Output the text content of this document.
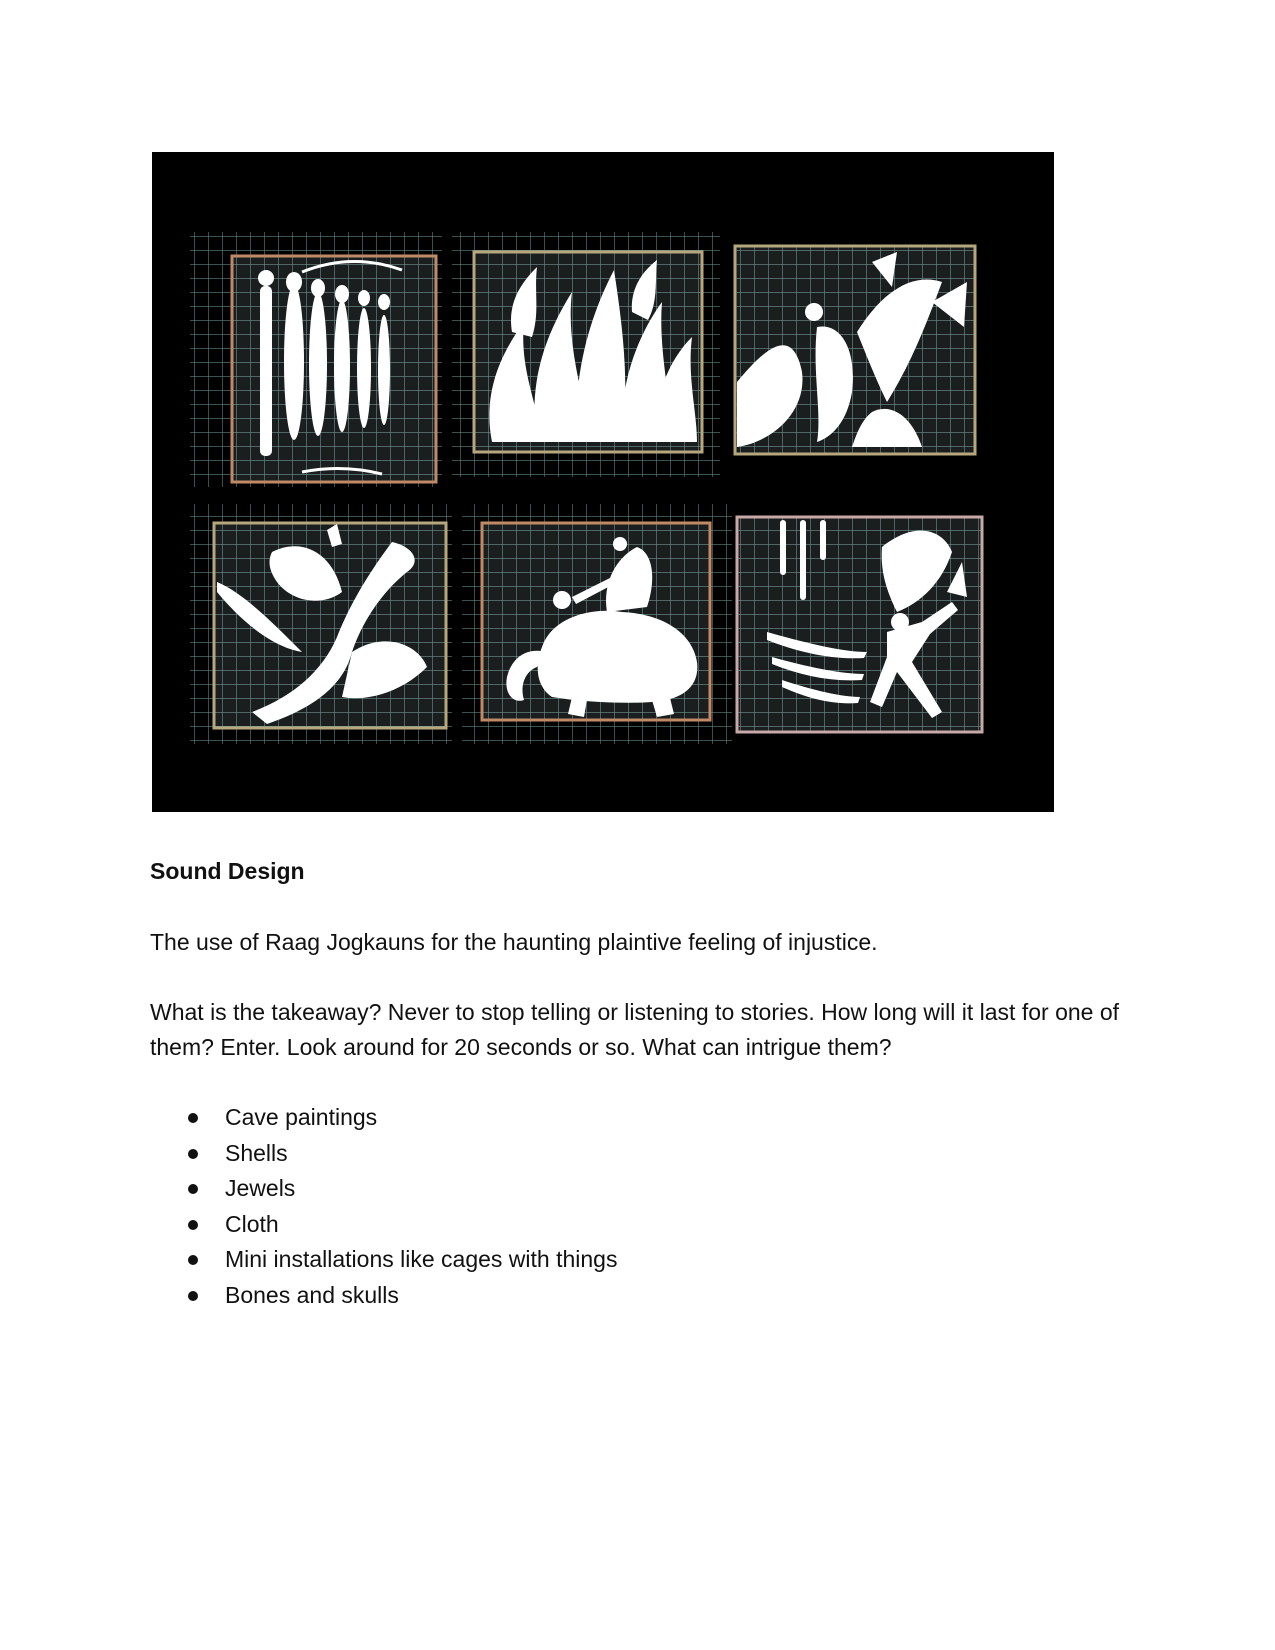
Sound Design

The use of Raag Jogkauns for the haunting plaintive feeling of injustice.

What is the takeaway? Never to stop telling or listening to stories. How long will it last for one of them? Enter. Look around for 20 seconds or so. What can intrigue them?

Cave paintings
Shells
Jewels
Cloth
Mini installations like cages with things
Bones and skulls
